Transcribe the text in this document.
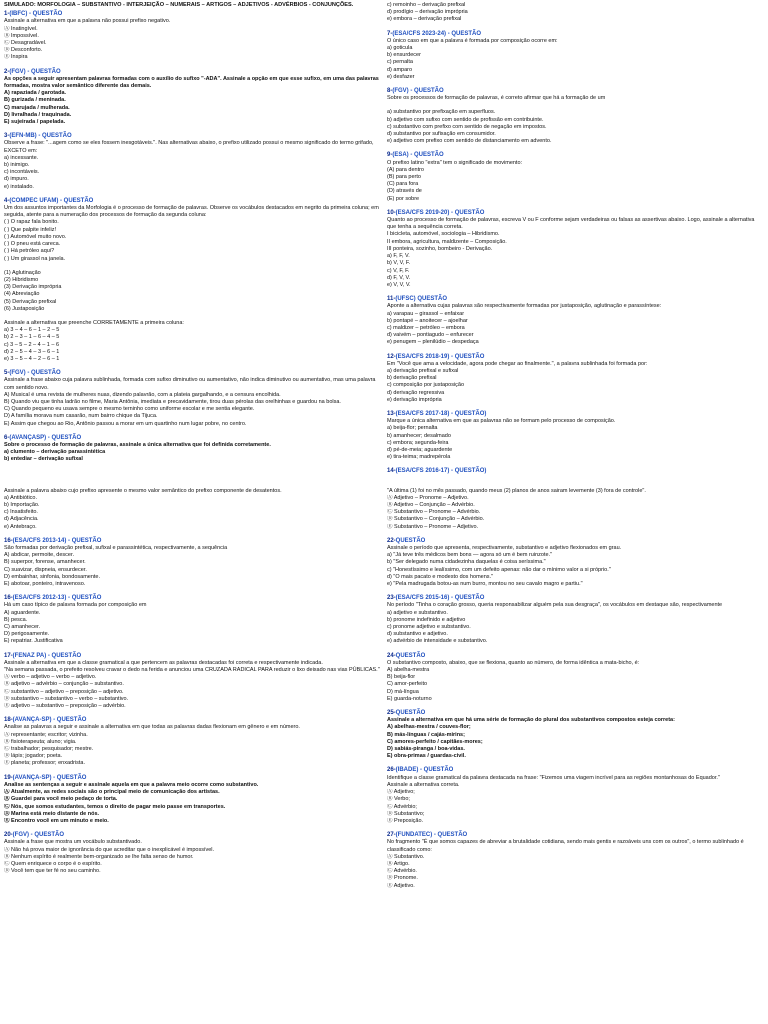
SIMULADO: MORFOLOGIA – SUBSTANTIVO - INTERJEIÇÃO – NUMERAIS – ARTIGOS – ADJETIVOS - ADVÉRBIOS - CONJUNÇÕES.
1-(IBFC) - QUESTÃO
Assinale a alternativa em que a palavra não possui prefixo negativo.
Ⓐ Inatingível.
Ⓑ Impossível.
Ⓒ Desagradável.
Ⓓ Desconforto.
Ⓔ Inspira
2-(FGV) - QUESTÃO
As opções a seguir apresentam palavras formadas com o auxílio do sufixo "-ADA". Assinale a opção em que esse sufixo, em uma das palavras formadas, mostra valor semântico diferente das demais.
A) rapaziada / garotada.
B) gurizada / meninada.
C) marujada / mulherada.
D) livralhada / traquinada.
E) sujeirada / papelada.
3-(EFN-MB) - QUESTÃO
Observe a frase: "...agem como se eles fossem inesgotáveis.". Nas alternativas abaixo, o prefixo utilizado possui o mesmo significado do termo grifado, EXCETO em:
a) incessante.
b) inimigo.
c) incontáveis.
d) impuro.
e) instalado.
4-(COMPEC UFAM) - QUESTÃO
Um dos assuntos importantes da Morfologia é o processo de formação de palavras. Observe os vocábulos destacados em negrito da primeira coluna; em seguida, atente para a numeração dos processos de formação da segunda coluna:
( ) O rapaz fala bonito.
( ) Que palpite infeliz!
( ) Automóvel muito novo.
( ) O pneu está careca.
( ) Há petróleo aqui?
( ) Um girassol na janela.
(1) Aglutinação
(2) Hibridismo
(3) Derivação imprópria
(4) Abreviação
(5) Derivação prefixal
(6) Justaposição
Assinale a alternativa que preenche CORRETAMENTE a primeira coluna:
a) 3 – 4 – 6 – 1 – 2 – 5
b) 2 – 3 – 1 – 6 – 4 – 5
c) 3 – 5 – 2 – 4 – 1 – 6
d) 2 – 5 – 4 – 3 – 6 – 1
e) 3 – 5 – 4 – 2 – 6 – 1
5-(FGV) - QUESTÃO
Assinale a frase abaixo cuja palavra sublinhada, formada com sufixo diminutivo ou aumentativo, não indica diminutivo ou aumentativo, mas uma palavra com sentido novo.
A) Musical é uma revista de mulheres nuas, dizendo palavrão, com a plateia gargalhando, e a censura encolhida.
B) Quando viu que tinha ladrão no filme, Maria Antônia, imediata e precavidamente, tirou duas pérolas das orelhinhas e guardou na bolsa.
C) Quando pequeno eu usava sempre o mesmo terninho como uniforme escolar e me sentia elegante.
D) A família morava num casarão, num bairro chique da Tijuca.
E) Assim que chegou ao Rio, Antônio passou a morar em um quartinho num lugar pobre, no centro.
6-(AVANÇASP) - QUESTÃO
Sobre o processo de formação de palavras, assinale a única alternativa que foi definida corretamente.
a) clumento – derivação parassintética
b) entediar – derivação sufixal
Assinale a palavra abaixo cujo prefixo apresente o mesmo valor semântico do prefixo componente de desatentos.
a) Antibiótico.
b) Importação.
c) Insatisfeito.
d) Adjacência.
e) Antebraço.
16-(ESA/CFS 2013-14) - QUESTÃO
São formadas por derivação prefixal, sufixal e parassintética, respectivamente, a sequência
A) abdicar, permoite, descer.
B) superpor, forense, amanhecer.
C) suavizar, dispneia, ensurdecer.
D) embainhar, sinfonia, bondosamente.
E) abotoar, ponteiro, intravenoso.
16-(ESA/CFS 2012-13) - QUESTÃO
Há um caso típico de palavra formada por composição em
A) aguardente.
B) pesca.
C) amanhecer.
D) perigosamente.
E) repatriar. Justificativa
17-(FENAZ PA) - QUESTÃO
Assinale a alternativa em que a classe gramatical a que pertencem as palavras destacadas foi correta e respectivamente indicada.
"Na semana passada, o prefeito resolveu cravar o dedo na ferida e anunciou uma CRUZADA RADICAL PARA reduzir o lixo deixado nas vias PÚBLICAS."
Ⓐ verbo – adjetivo – verbo – adjetivo.
Ⓑ adjetivo – advérbio – conjunção – substantivo.
Ⓒ substantivo – adjetivo – preposição – adjetivo.
Ⓓ substantivo – substantivo – verbo – substantivo.
Ⓔ adjetivo – substantivo – preposição – advérbio.
18-(AVANÇA-SP) - QUESTÃO
Analise as palavras a seguir e assinale a alternativa em que todas as palavras dadas flexionam em gênero e em número.
Ⓐ representante; escritor; vizinha.
Ⓑ fisioterapeuta; aluno; vigia.
Ⓒ trabalhador; pesquisador; mestre.
Ⓓ lápis; jogador; poeta.
Ⓔ planeta; professor; enxadrista.
19-(AVANÇA-SP) - QUESTÃO
Analise as sentenças a seguir e assinale aquela em que a palavra meio ocorre como substantivo.
Ⓐ Atualmente, as redes sociais são o principal meio de comunicação dos artistas.
Ⓑ Guardei para você meio pedaço de torta.
Ⓒ Nós, que somos estudantes, temos o direito de pagar meio passe em transportes.
Ⓓ Marina está meio distante de nós.
Ⓔ Encontro você em um minuto e meio.
20-(FGV) - QUESTÃO
Assinale a frase que mostra um vocábulo substantivado.
Ⓐ Não há prova maior de ignorância do que acreditar que o inexplicável é impossível.
Ⓑ Nenhum espírito é realmente bem-organizado se lhe falta senso de humor.
Ⓒ Quem enriquece o corpo é o espírito.
Ⓓ Você tem que ter fé no seu caminho.
c) remoinho – derivação prefixal
d) prodígio – derivação imprópria
e) embora – derivação prefixal
7-(ESA/CFS 2023-24) - QUESTÃO
O único caso em que a palavra é formada por composição ocorre em:
a) goticula
b) ensurdecer
c) pernalta
d) amparo
e) desfazer
8-(FGV) - QUESTÃO
Sobre os processos de formação de palavras, é correto afirmar que há a formação de um
a) substantivo por prefixação em superfluos.
b) adjetivo com sufixo com sentido de profissão em contribuinte.
c) substantivo com prefixo com sentido de negação em impostos.
d) substantivo por sufixação em consumidor.
e) adjetivo com prefixo com sentido de distanciamento em advento.
9-(ESA) - QUESTÃO
O prefixo latino "extra" tem o significado de movimento:
(A) para dentro
(B) para perto
(C) para fora
(D) através de
(E) por sobre
10-(ESA/CFS 2019-20) - QUESTÃO
Quanto ao processo de formação de palavras, escreva V ou F conforme sejam verdadeiras ou falsas as assertivas abaixo. Logo, assinale a alternativa que tenha a sequência correta.
I bicicleta, automóvel, sociologia – Hibridismo.
II embora, agricultura, maldizente – Composição.
III ponteira, sozinho, bombeiro - Derivação.
a) F, F, V.
b) V, V, F.
c) V, F, F.
d) F, V, V.
e) V, V, V.
11-(UFSC) QUESTÃO
Aponte a alternativa cujas palavras são respectivamente formadas por justaposição, aglutinação e parassíntese:
a) varapau – girassol – enfaixar
b) pontapé – anoitecer – ajoelhar
c) maldizer – petróleo – embora
d) vaivém – pontiagudo – enfurecer
e) penugem – plenilúdio – despedaça
12-(ESA/CFS 2018-19) - QUESTÃO
Em "Você que ama a velocidade, agora pode chegar ao finalmente.", a palavra sublinhada foi formada por:
a) derivação prefixal e sufixal
b) derivação prefixal
c) composição por justaposição
d) derivação regressiva
e) derivação imprópria
13-(ESA/CFS 2017-18) - QUESTÃO)
Marque a única alternativa em que as palavras não se formam pelo processo de composição.
a) beija-flor; pernalta
b) amanhecer; desalmado
c) embora; segunda-feira
d) pé-de-meia; aguardente
e) tira-teima; madrepérola
14-(ESA/CFS 2016-17) - QUESTÃO)
"A última (1) foi no mês passado, quando meus (2) planos de anos sairam levemente (3) fora de controle".
Ⓐ Adjetivo – Pronome – Adjetivo.
Ⓑ Adjetivo – Conjunção – Advérbio.
Ⓒ Substantivo – Pronome – Advérbio.
Ⓓ Substantivo – Conjunção – Advérbio.
Ⓔ Substantivo – Pronome – Adjetivo.
22-QUESTÃO
Assinale o período que apresenta, respectivamente, substantivo e adjetivo flexionados em grau.
a) "Já teve três médicos bem bons — agora só um é bem ruinzote."
b) "Ser delegado numa cidadezinha daquelas é coisa seríssima."
c) "Honestíssimo e lealíssimo, com um defeito apenas: não dar o mínimo valor a si próprio."
d) "O mais pacato e modesto dos homens."
e) "Pela madrugada botou-as num burro, montou no seu cavalo magro e partiu."
23-(ESA/CFS 2015-16) - QUESTÃO
No período "Tinha o coração grosso, queria responsabilizar alguém pela sua desgraça", os vocábulos em destaque são, respectivamente
a) adjetivo e substantivo.
b) pronome indefinido e adjetivo
c) pronome adjetivo e substantivo.
d) substantivo e adjetivo.
e) advérbio de intensidade e substantivo.
24-QUESTÃO
O substantivo composto, abaixo, que se flexiona, quanto ao número, de forma idêntica a mata-bicho, é:
A) abelha-mestra
B) beija-flor
C) amor-perfeito
D) má-língua
E) guarda-noturno
25-QUESTÃO
Assinale a alternativa em que há uma série de formação do plural dos substantivos compostos esteja correta:
A) abelhas-mestra / couves-flor;
B) más-línguas / cajás-mirins;
C) amores-perfeito / capitães-mores;
D) sabiás-piranga / boa-vidas.
E) obra-primas / guardas-civil.
26-(IBADE) - QUESTÃO
Identifique a classe gramatical da palavra destacada na frase: "Fizemos uma viagem incrível para as regiões montanhosas do Equador."
Assinale a alternativa correta.
Ⓐ Adjetivo;
Ⓑ Verbo;
Ⓒ Advérbio;
Ⓓ Substantivo;
Ⓔ Preposição.
27-(FUNDATEC) - QUESTÃO
No fragmento "É que somos capazes de abreviar a brutalidade cotidiana, sendo mais gentis e razoáveis uns com os outros", o termo sublinhado é classificado como:
Ⓐ Substantivo.
Ⓑ Artigo.
Ⓒ Advérbio.
Ⓓ Pronome.
Ⓔ Adjetivo.
